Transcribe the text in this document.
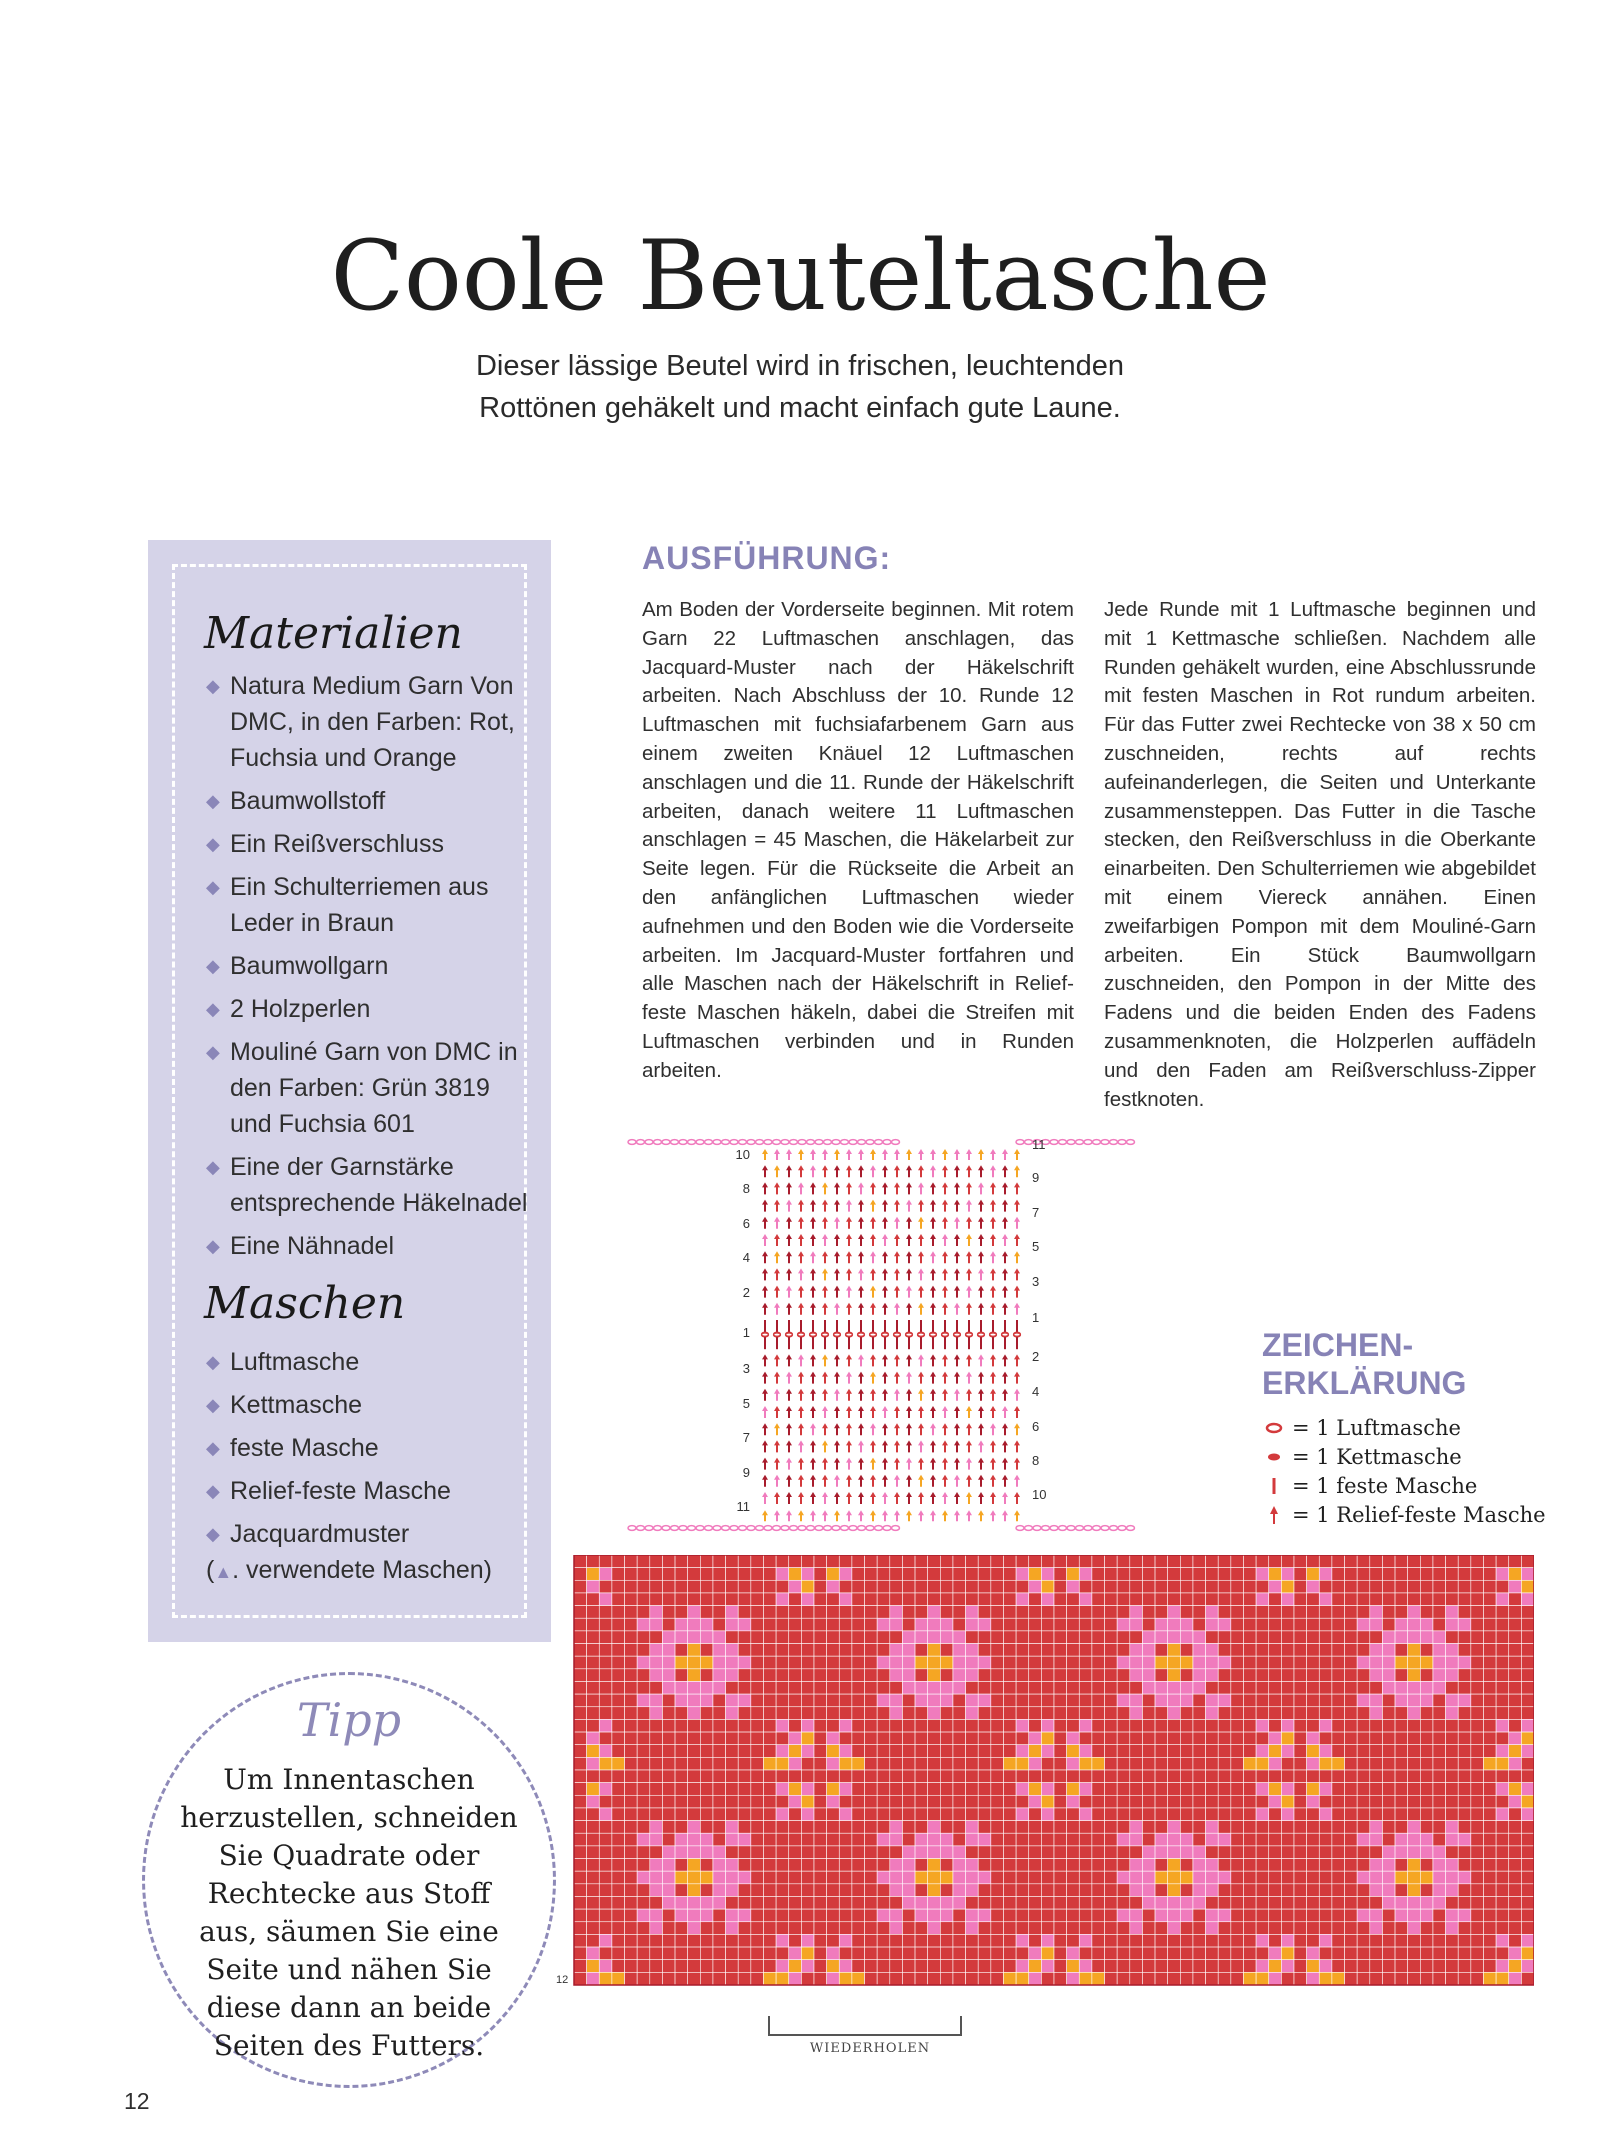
Coole Beuteltasche
Dieser lässige Beutel wird in frischen, leuchtenden Rottönen gehäkelt und macht einfach gute Laune.
Materialien
◆ Natura Medium Garn Von DMC, in den Farben: Rot, Fuchsia und Orange
◆ Baumwollstoff
◆ Ein Reißverschluss
◆ Ein Schulterriemen aus Leder in Braun
◆ Baumwollgarn
◆ 2 Holzperlen
◆ Mouliné Garn von DMC in den Farben: Grün 3819 und Fuchsia 601
◆ Eine der Garnstärke entsprechende Häkelnadel
◆ Eine Nähnadel
Maschen
◆ Luftmasche
◆ Kettmasche
◆ feste Masche
◆ Relief-feste Masche
◆ Jacquardmuster
(▲. verwendete Maschen)
Tipp
Um Innentaschen herzustellen, schneiden Sie Quadrate oder Rechtecke aus Stoff aus, säumen Sie eine Seite und nähen Sie diese dann an beide Seiten des Futters.
AUSFÜHRUNG:
Am Boden der Vorderseite beginnen. Mit rotem Garn 22 Luftmaschen anschlagen, das Jacquard-Muster nach der Häkelschrift arbeiten. Nach Abschluss der 10. Runde 12 Luftmaschen mit fuchsiafarbenem Garn aus einem zweiten Knäuel 12 Luftmaschen anschlagen und die 11. Runde der Häkelschrift arbeiten, danach weitere 11 Luftmaschen anschlagen = 45 Maschen, die Häkelarbeit zur Seite legen. Für die Rückseite die Arbeit an den anfänglichen Luftmaschen wieder aufnehmen und den Boden wie die Vorderseite arbeiten. Im Jacquard-Muster fortfahren und alle Maschen nach der Häkelschrift in Relief-feste Maschen häkeln, dabei die Streifen mit Luftmaschen verbinden und in Runden arbeiten.
Jede Runde mit 1 Luftmasche beginnen und mit 1 Kettmasche schließen. Nachdem alle Runden gehäkelt wurden, eine Abschlussrunde mit festen Maschen in Rot rundum arbeiten. Für das Futter zwei Rechtecke von 38 x 50 cm zuschneiden, rechts auf rechts aufeinanderlegen, die Seiten und Unterkante zusammensteppen. Das Futter in die Tasche stecken, den Reißverschluss in die Oberkante einarbeiten. Den Schulterriemen wie abgebildet mit einem Viereck annähen. Einen zweifarbigen Pompon mit dem Mouliné-Garn arbeiten. Ein Stück Baumwollgarn zuschneiden, den Pompon in der Mitte des Fadens und die beiden Enden des Fadens zusammenknoten, die Holzperlen auffädeln und den Faden am Reißverschluss-Zipper festknoten.
10
8
6
4
2
1
3
5
7
9
11
11
9
7
5
3
1
2
4
6
8
10
ZEICHEN-
ERKLÄRUNG
= 1 Luftmasche
= 1 Kettmasche
= 1 feste Masche
= 1 Relief-feste Masche
12
WIEDERHOLEN
12
